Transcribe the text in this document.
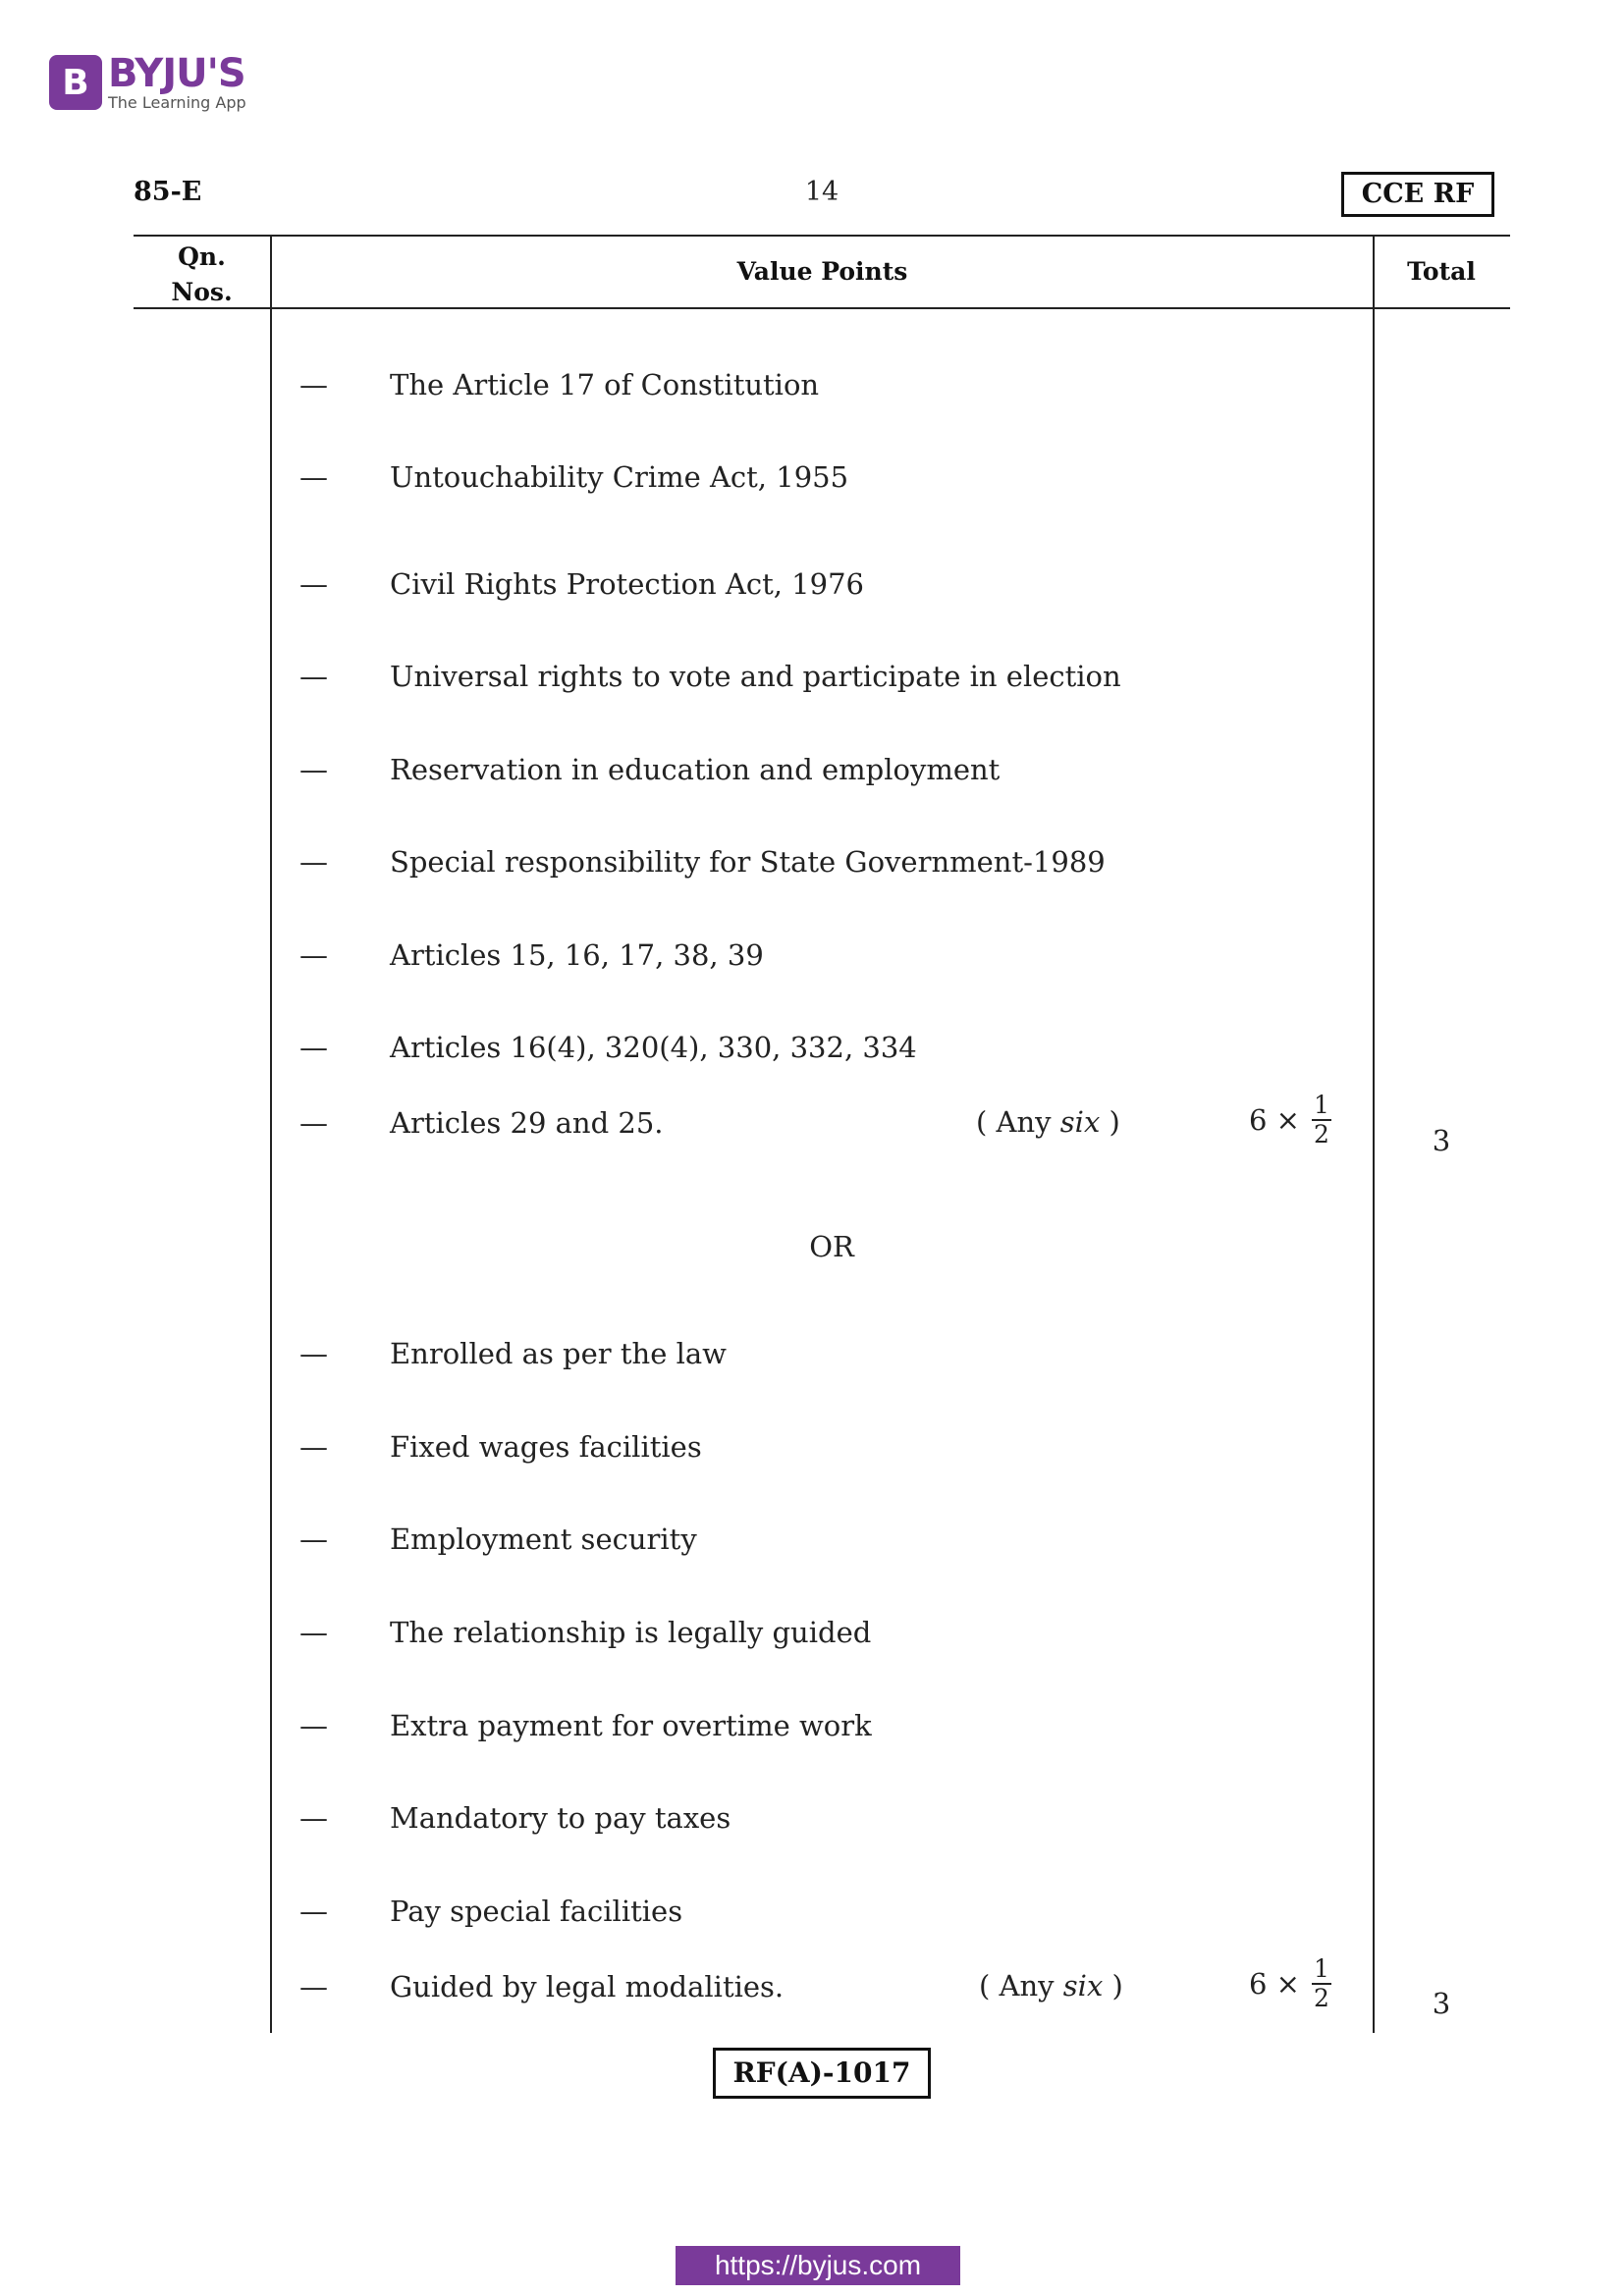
B BYJU'S
The Learning App
85-E	14	CCE RF
Qn.
Nos.
Value Points	Total
— The Article 17 of Constitution
— Untouchability Crime Act, 1955
— Civil Rights Protection Act, 1976
— Universal rights to vote and participate in election
— Reservation in education and employment
— Special responsibility for State Government-1989
— Articles 15, 16, 17, 38, 39
— Articles 16(4), 320(4), 330, 332, 334
— Articles 29 and 25.	( Any six )	$6 \times \frac{1}{2}$	3
OR
— Enrolled as per the law
— Fixed wages facilities
— Employment security
— The relationship is legally guided
— Extra payment for overtime work
— Mandatory to pay taxes
— Pay special facilities
— Guided by legal modalities.	( Any six )	$6 \times \frac{1}{2}$	3
RF(A)-1017
https://byjus.com
